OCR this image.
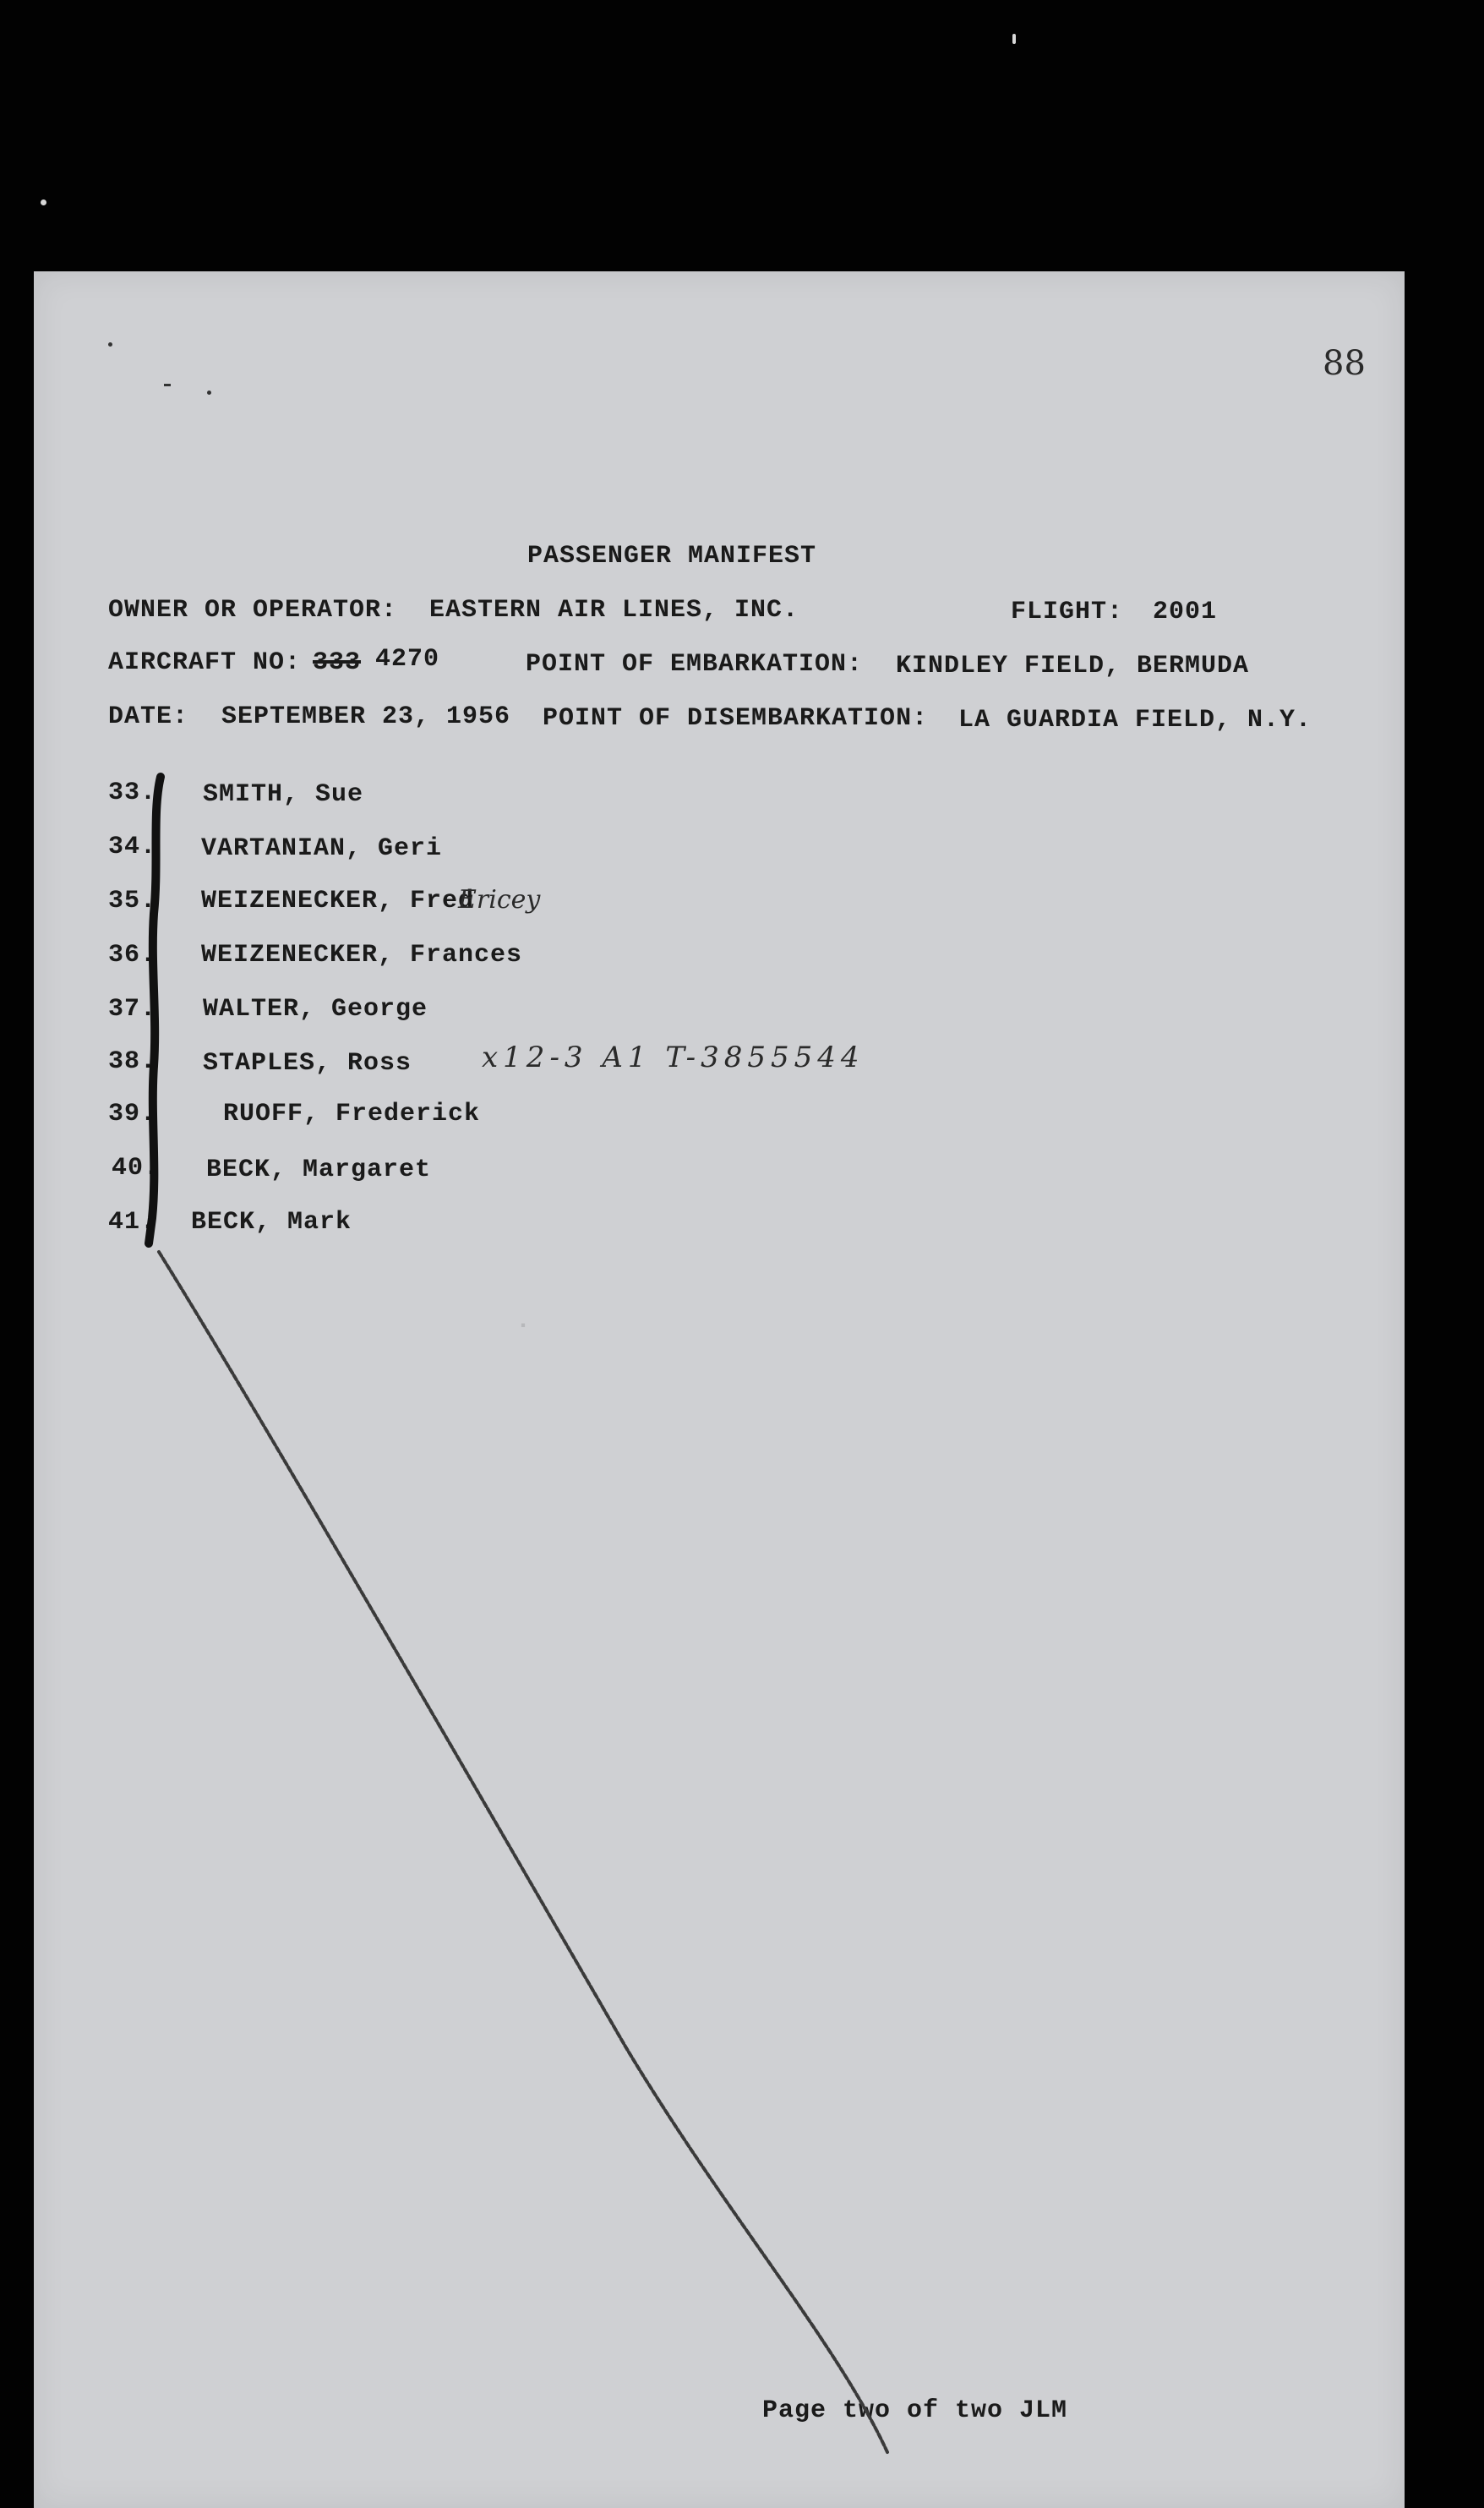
.
88
PASSENGER MANIFEST
OWNER OR OPERATOR: EASTERN AIR LINES, INC.	FLIGHT: 2001
AIRCRAFT NO: 333 4270	POINT OF EMBARKATION: KINDLEY FIELD, BERMUDA
DATE: SEPTEMBER 23, 1956 POINT OF DISEMBARKATION: LA GUARDIA FIELD, N.Y.
33. SMITH, Sue
34. VARTANIAN, Geri
35. WEIZENECKER, Fred
Ericey
36. WEIZENECKER, Frances
37. WALTER, George
38. STAPLES, Ross x12-3 A1 T-3855544
39.	RUOFF, Frederick
40. BECK, Margaret
41. BECK, Mark
Page two of two JLM
